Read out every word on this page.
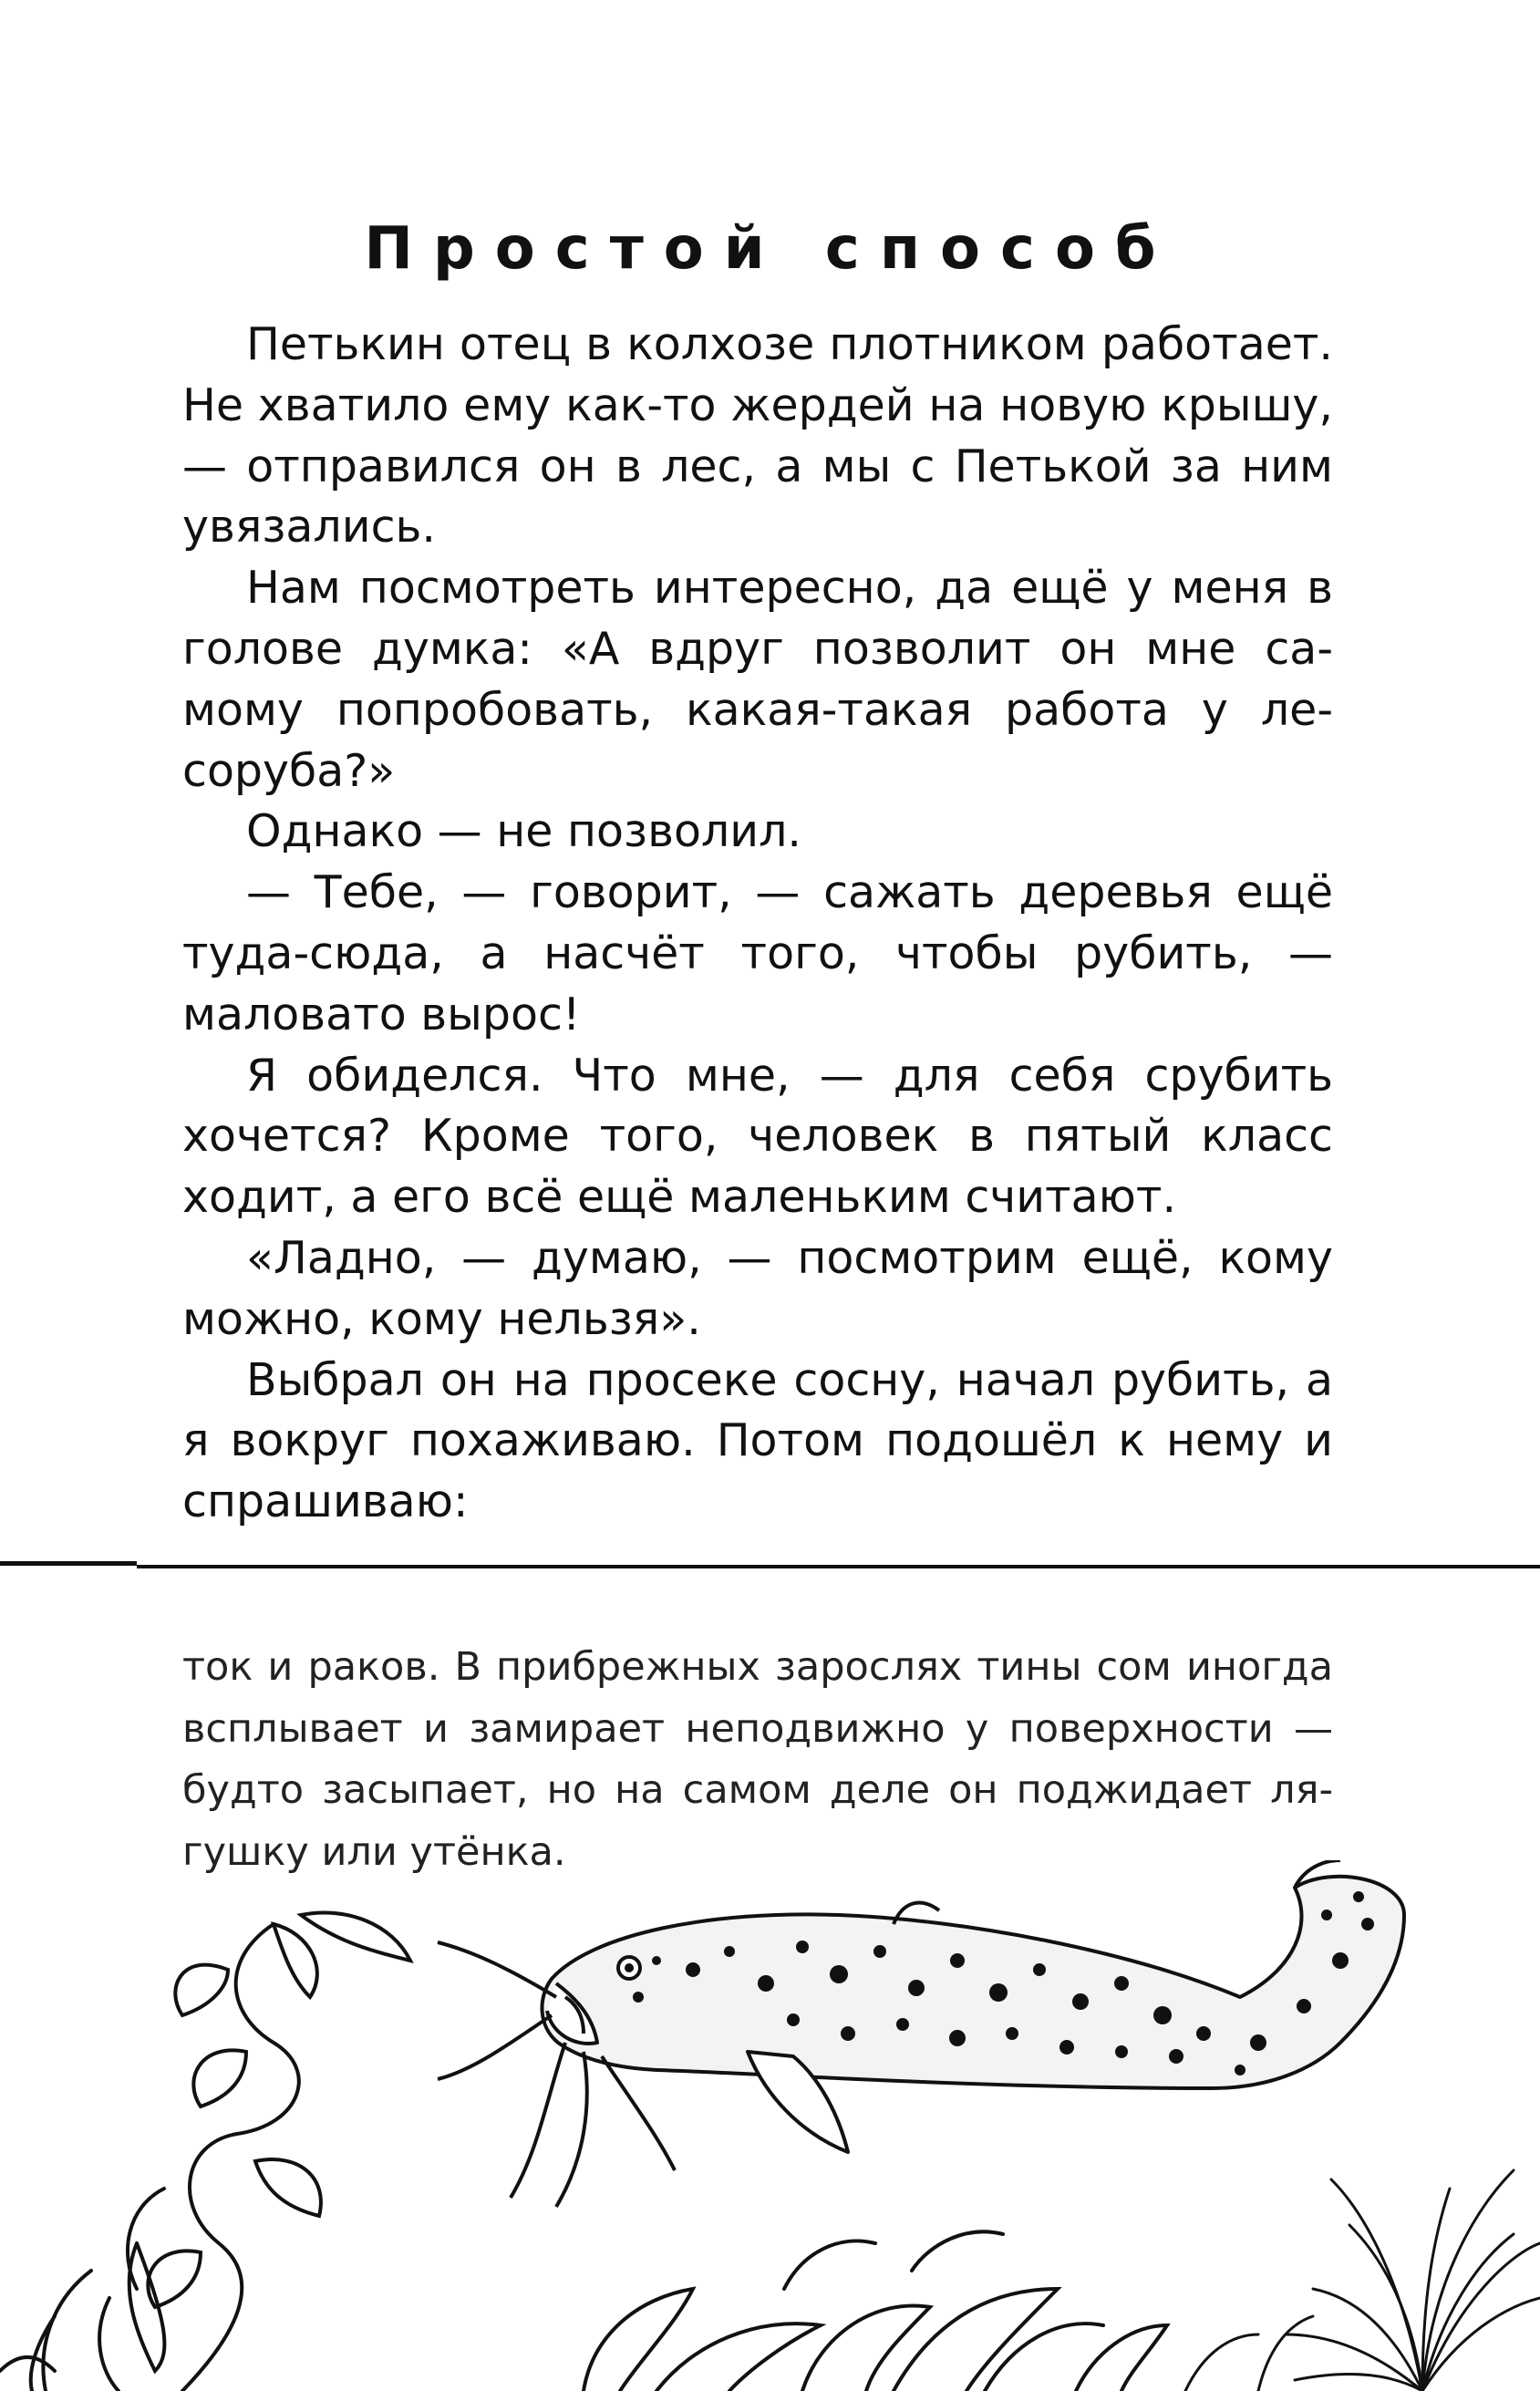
Простой способ

Петькин отец в колхозе плотником работает. Не хватило ему как-то жердей на новую крышу, — отправился он в лес, а мы с Петькой за ним увязались.

Нам посмотреть интересно, да ещё у меня в голове думка: «А вдруг позволит он мне самому попробовать, какая-такая работа у лесоруба?»

Однако — не позволил.

— Тебе, — говорит, — сажать деревья ещё туда-сюда, а насчёт того, чтобы рубить, — маловато вырос!

Я обиделся. Что мне, — для себя срубить хочется? Кроме того, человек в пятый класс ходит, а его всё ещё маленьким считают.

«Ладно, — думаю, — посмотрим ещё, кому можно, кому нельзя».

Выбрал он на просеке сосну, начал рубить, а я вокруг похаживаю. Потом подошёл к нему и спрашиваю:

ток и раков. В прибрежных зарослях тины сом иногда всплывает и замирает неподвижно у поверхности — будто засыпает, но на самом деле он поджидает лягушку или утёнка.
